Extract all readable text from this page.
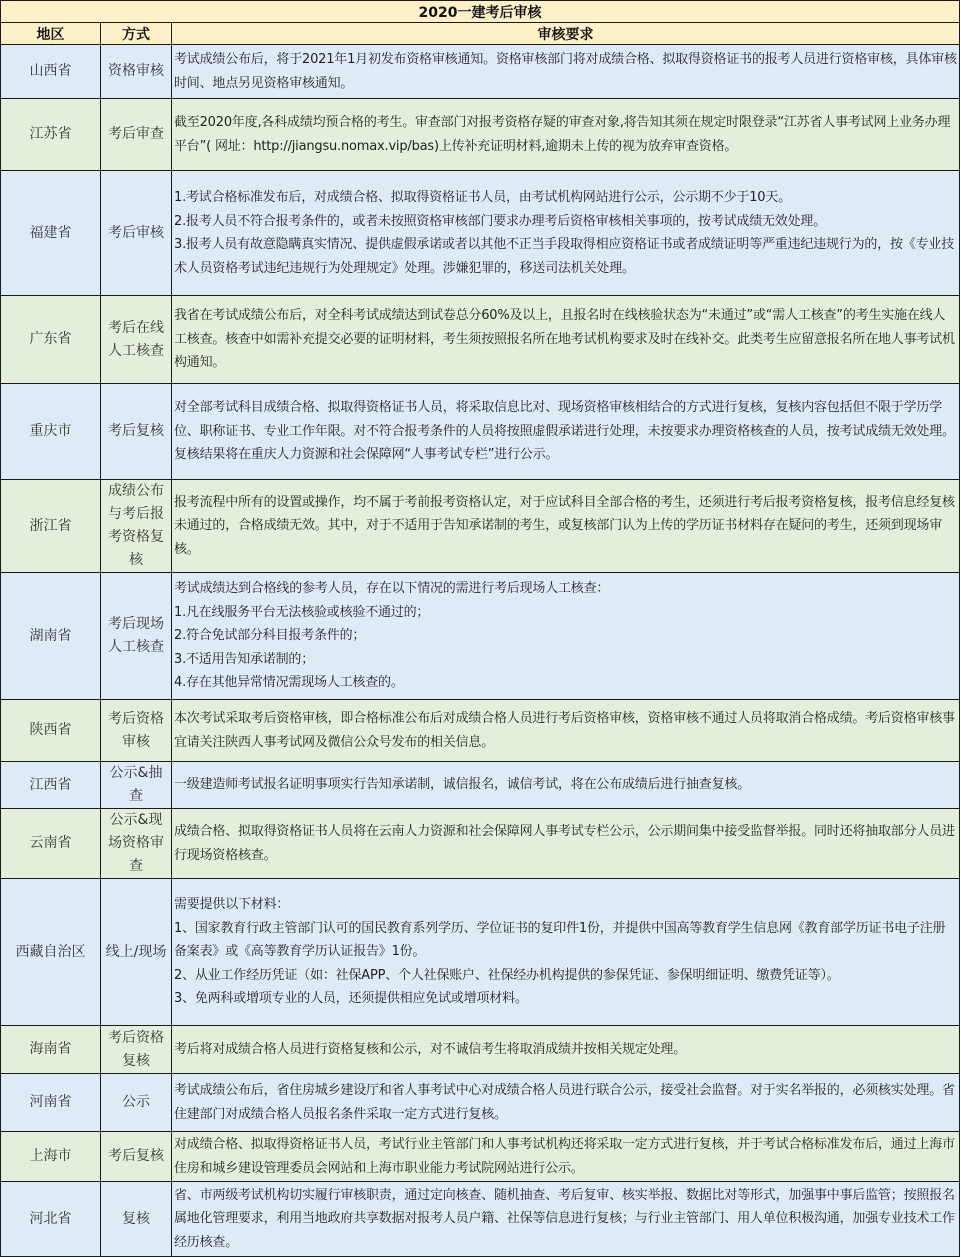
2020一建考后审核		
地区	方式	审核要求
山西省	资格审核	考试成绩公布后，将于2021年1月初发布资格审核通知。资格审核部门将对成绩合格、拟取得资格证书的报考人员进行资格审核，具体审核时间、地点另见资格审核通知。

江苏省	考后审查	截至2020年度,各科成绩均预合格的考生。审查部门对报考资格存疑的审查对象,将告知其须在规定时限登录“江苏省人事考试网上业务办理平台”( 网址：http://jiangsu.nomax.vip/bas)上传补充证明材料,逾期未上传的视为放弃审查资格。

福建省	考后审核	1.考试合格标准发布后，对成绩合格、拟取得资格证书人员，由考试机构网站进行公示，公示期不少于10天。
2.报考人员不符合报考条件的，或者未按照资格审核部门要求办理考后资格审核相关事项的，按考试成绩无效处理。
3.报考人员有故意隐瞒真实情况、提供虚假承诺或者以其他不正当手段取得相应资格证书或者成绩证明等严重违纪违规行为的，按《专业技术人员资格考试违纪违规行为处理规定》处理。涉嫌犯罪的，移送司法机关处理。

广东省	考后在线人工核查	我省在考试成绩公布后，对全科考试成绩达到试卷总分60%及以上，且报名时在线核验状态为“未通过”或“需人工核查”的考生实施在线人工核查。核查中如需补充提交必要的证明材料，考生须按照报名所在地考试机构要求及时在线补交。此类考生应留意报名所在地人事考试机构通知。

重庆市	考后复核	对全部考试科目成绩合格、拟取得资格证书人员，将采取信息比对、现场资格审核相结合的方式进行复核，复核内容包括但不限于学历学位、职称证书、专业工作年限。对不符合报考条件的人员将按照虚假承诺进行处理，未按要求办理资格核查的人员，按考试成绩无效处理。复核结果将在重庆人力资源和社会保障网“人事考试专栏”进行公示。

浙江省	成绩公布与考后报考资格复核	报考流程中所有的设置或操作，均不属于考前报考资格认定，对于应试科目全部合格的考生，还须进行考后报考资格复核，报考信息经复核未通过的，合格成绩无效。其中，对于不适用于告知承诺制的考生，或复核部门认为上传的学历证书材料存在疑问的考生，还须到现场审核。

湖南省	考后现场人工核查	考试成绩达到合格线的参考人员，存在以下情况的需进行考后现场人工核查：
1.凡在线服务平台无法核验或核验不通过的；
2.符合免试部分科目报考条件的；
3.不适用告知承诺制的；
4.存在其他异常情况需现场人工核查的。

陕西省	考后资格审核	本次考试采取考后资格审核，即合格标准公布后对成绩合格人员进行考后资格审核，资格审核不通过人员将取消合格成绩。考后资格审核事宜请关注陕西人事考试网及微信公众号发布的相关信息。

江西省	公示&抽查	一级建造师考试报名证明事项实行告知承诺制，诚信报名，诚信考试，将在公布成绩后进行抽查复核。

云南省	公示&现场资格审查	成绩合格、拟取得资格证书人员将在云南人力资源和社会保障网人事考试专栏公示，公示期间集中接受监督举报。同时还将抽取部分人员进行现场资格核查。

西藏自治区	线上/现场	需要提供以下材料：
1、国家教育行政主管部门认可的国民教育系列学历、学位证书的复印件1份，并提供中国高等教育学生信息网《教育部学历证书电子注册备案表》或《高等教育学历认证报告》1份。
2、从业工作经历凭证（如：社保APP、个人社保账户、社保经办机构提供的参保凭证、参保明细证明、缴费凭证等）。
3、免两科或增项专业的人员，还须提供相应免试或增项材料。

海南省	考后资格复核	考后将对成绩合格人员进行资格复核和公示，对不诚信考生将取消成绩并按相关规定处理。

河南省	公示	考试成绩公布后，省住房城乡建设厅和省人事考试中心对成绩合格人员进行联合公示，接受社会监督。对于实名举报的，必须核实处理。省住建部门对成绩合格人员报名条件采取一定方式进行复核。

上海市	考后复核	对成绩合格、拟取得资格证书人员，考试行业主管部门和人事考试机构还将采取一定方式进行复核，并于考试合格标准发布后，通过上海市住房和城乡建设管理委员会网站和上海市职业能力考试院网站进行公示。

河北省	复核	省、市两级考试机构切实履行审核职责，通过定向核查、随机抽查、考后复审、核实举报、数据比对等形式，加强事中事后监管；按照报名属地化管理要求，利用当地政府共享数据对报考人员户籍、社保等信息进行复核；与行业主管部门、用人单位积极沟通，加强专业技术工作经历核查。
